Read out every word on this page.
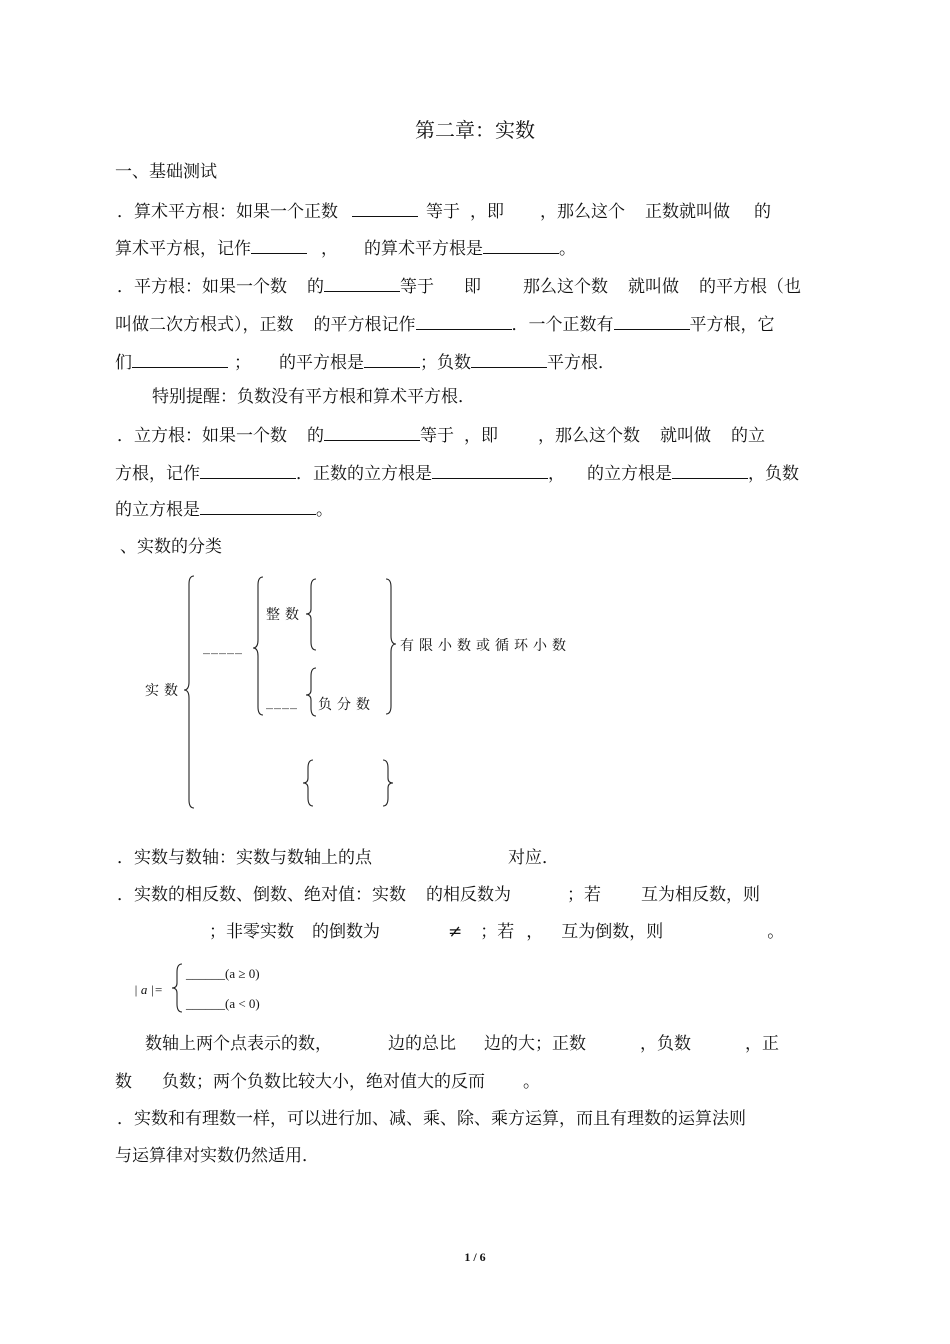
第二章：实数
一、基础测试
．算术平方根：如果一个正数	等于 ，即 ，那么这个 正数就叫做 的
算术平方根，记作	， 的算术平方根是	。
．平方根：如果一个数 的	等于 即 那么这个数 就叫做 的平方根（也
叫做二次方根式），正数 的平方根记作	．一个正数有	平方根，它
们	； 的平方根是	；负数	平方根．
特别提醒：负数没有平方根和算术平方根．
．立方根：如果一个数 的	等于 ，即 ，那么这个数 就叫做 的立
方根，记作	．正数的立方根是	， 的立方根是	，负数
的立方根是	。
、实数的分类
实数
_____
____
整数
负分数
有限小数或循环小数
．实数与数轴：实数与数轴上的点	对应．
．实数的相反数、倒数、绝对值：实数 的相反数为	；若 互为相反数，则
；非零实数 的倒数为	≠ ；若 ， 互为倒数，则	。
| a |=
______(a ≥ 0)
______(a < 0)
数轴上两个点表示的数，	边的总比 边的大；正数	，负数	，正
数 负数；两个负数比较大小，绝对值大的反而 。
．实数和有理数一样，可以进行加、减、乘、除、乘方运算，而且有理数的运算法则
与运算律对实数仍然适用．
1 / 6
